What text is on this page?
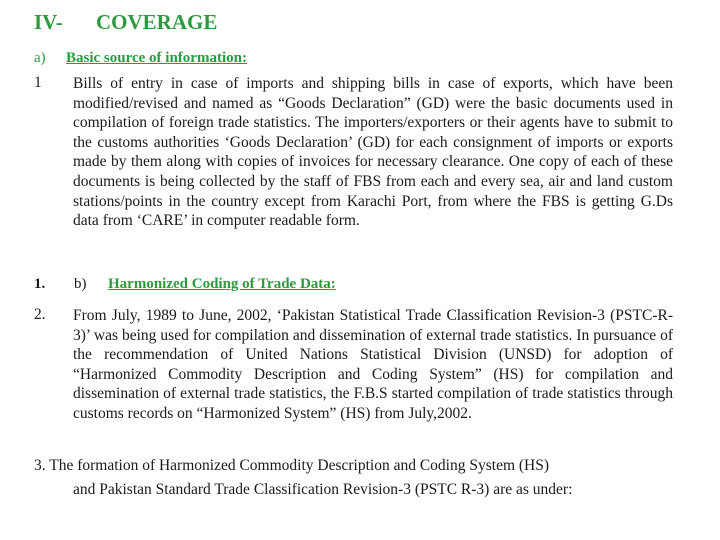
IV- COVERAGE
a) Basic source of information:
1 Bills of entry in case of imports and shipping bills in case of exports, which have been modified/revised and named as “Goods Declaration” (GD) were the basic documents used in compilation of foreign trade statistics. The importers/exporters or their agents have to submit to the customs authorities ‘Goods Declaration’ (GD) for each consignment of imports or exports made by them along with copies of invoices for necessary clearance. One copy of each of these documents is being collected by the staff of FBS from each and every sea, air and land custom stations/points in the country except from Karachi Port, from where the FBS is getting G.Ds data from ‘CARE’ in computer readable form.
1. b) Harmonized Coding of Trade Data:
2. From July, 1989 to June, 2002, ‘Pakistan Statistical Trade Classification Revision-3 (PSTC-R-3)’ was being used for compilation and dissemination of external trade statistics. In pursuance of the recommendation of United Nations Statistical Division (UNSD) for adoption of “Harmonized Commodity Description and Coding System” (HS) for compilation and dissemination of external trade statistics, the F.B.S started compilation of trade statistics through customs records on “Harmonized System” (HS) from July,2002.
3. The formation of Harmonized Commodity Description and Coding System (HS)
and Pakistan Standard Trade Classification Revision-3 (PSTC R-3) are as under:
